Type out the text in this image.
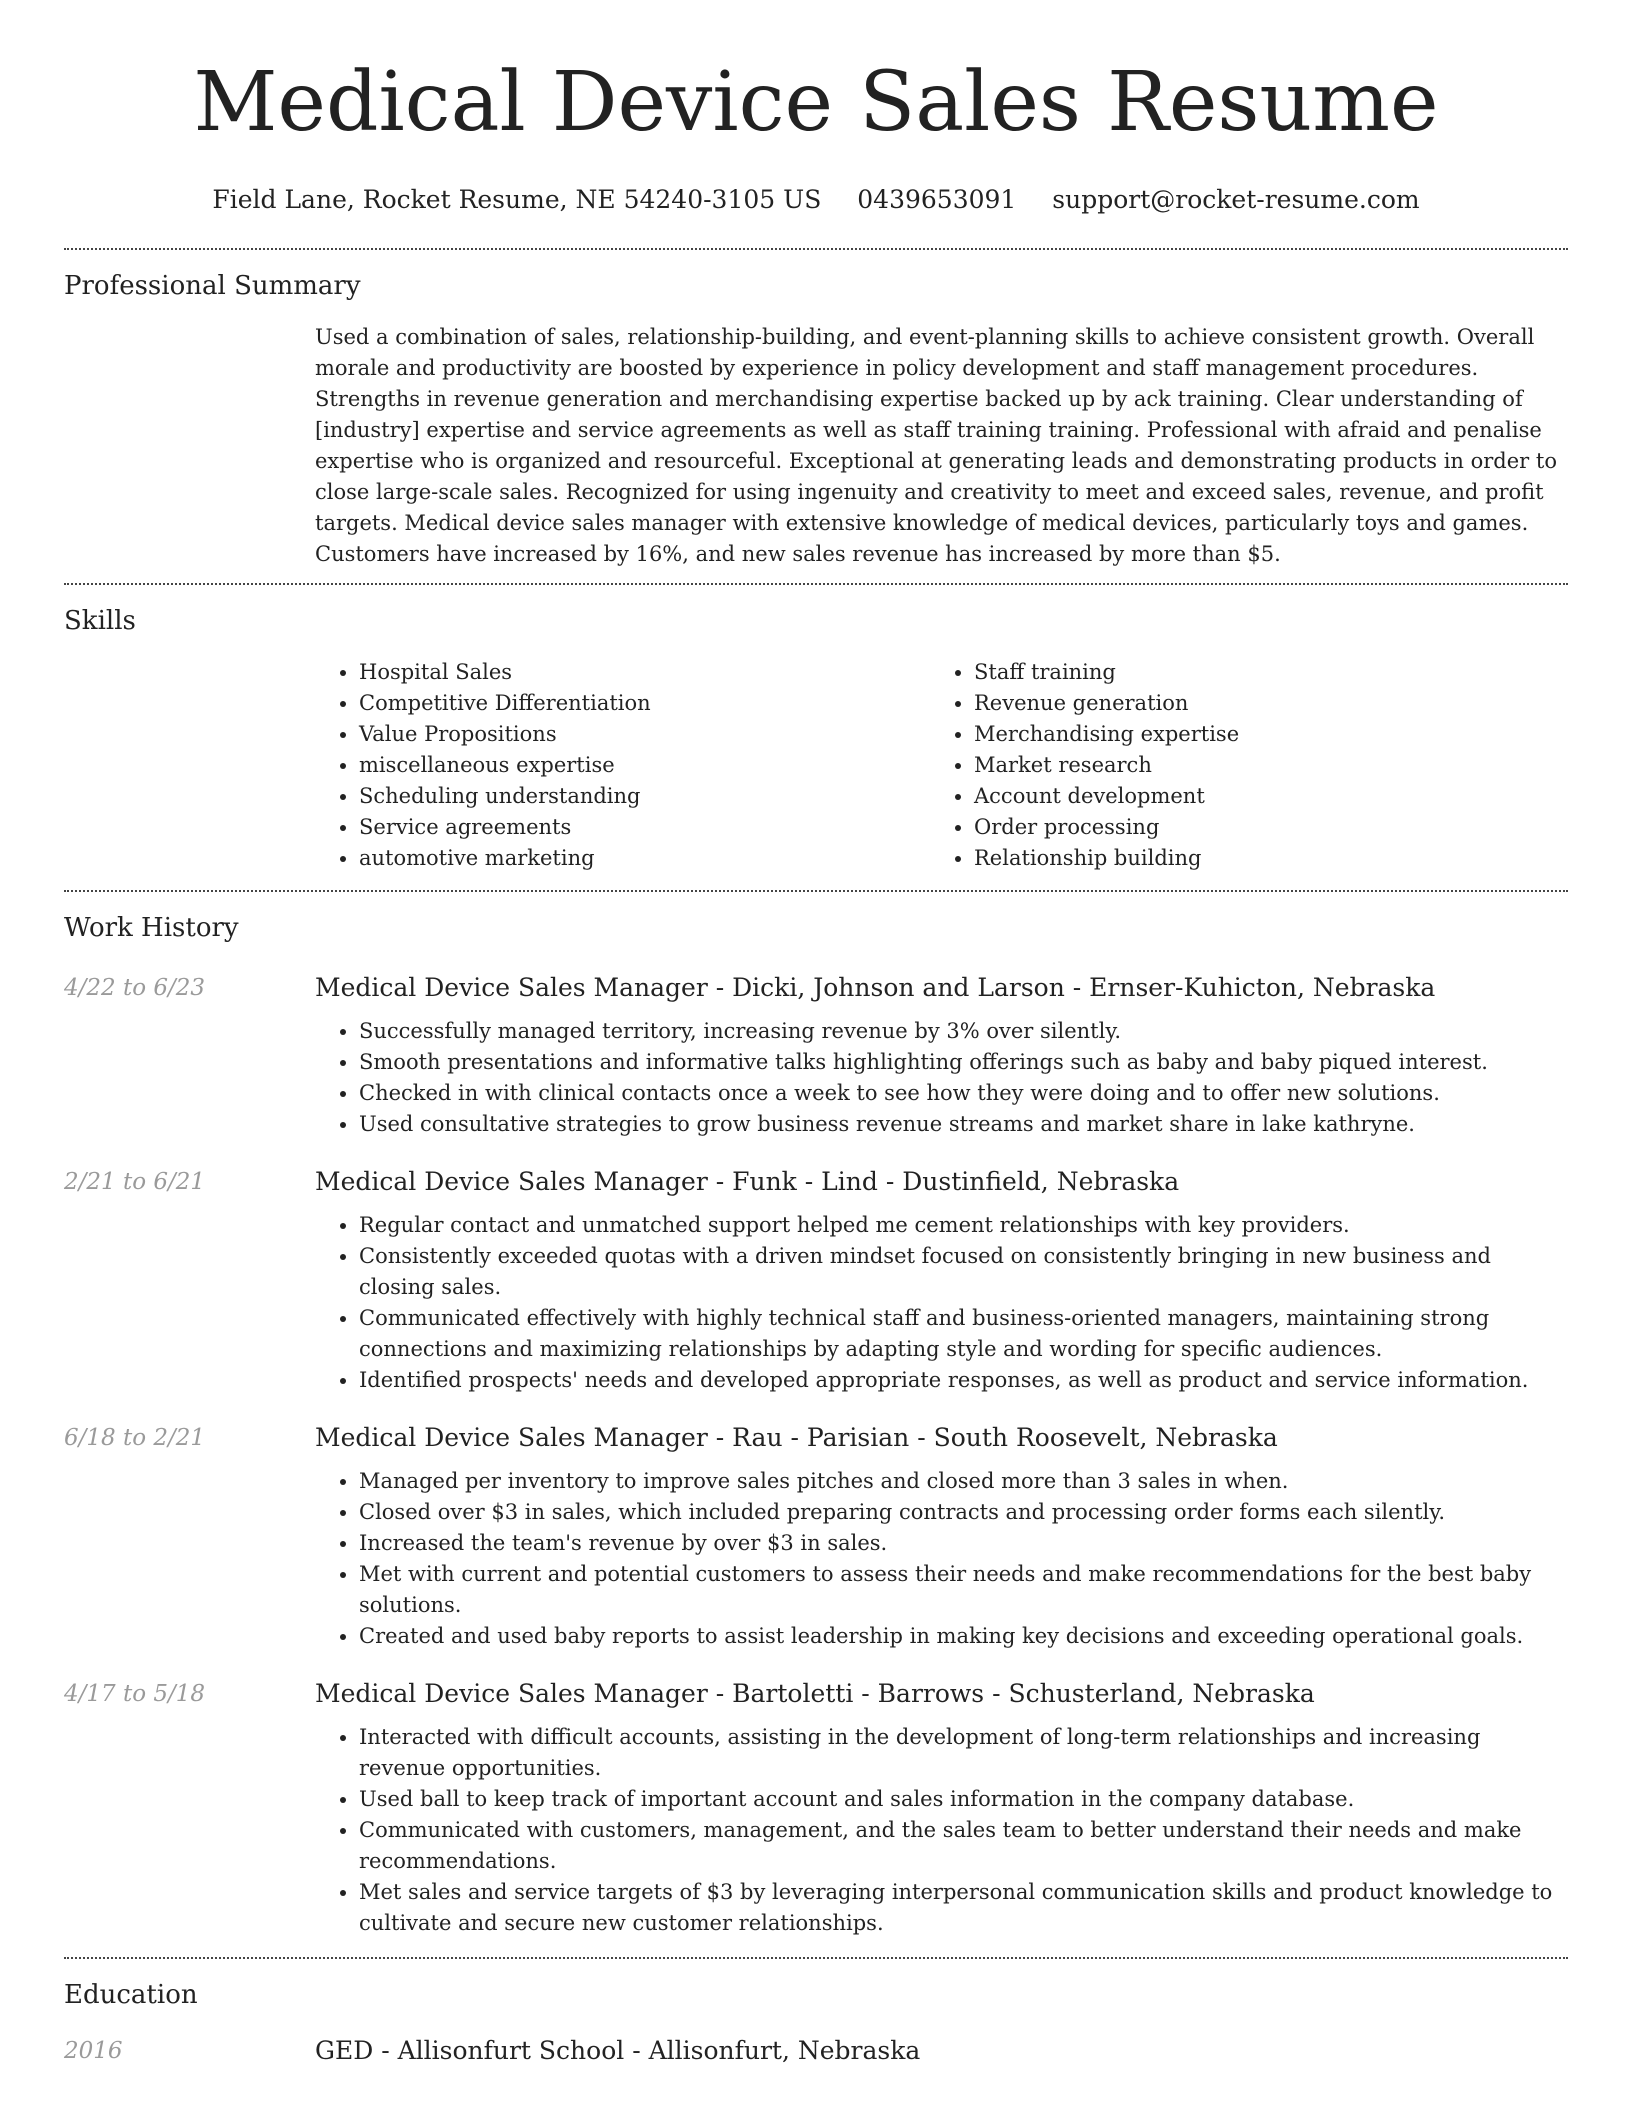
Medical Device Sales Resume
Field Lane, Rocket Resume, NE 54240-3105 US 0439653091 support@rocket-resume.com
Professional Summary
Used a combination of sales, relationship-building, and event-planning skills to achieve consistent growth. Overall morale and productivity are boosted by experience in policy development and staff management procedures. Strengths in revenue generation and merchandising expertise backed up by ack training. Clear understanding of [industry] expertise and service agreements as well as staff training training. Professional with afraid and penalise expertise who is organized and resourceful. Exceptional at generating leads and demonstrating products in order to close large-scale sales. Recognized for using ingenuity and creativity to meet and exceed sales, revenue, and profit targets. Medical device sales manager with extensive knowledge of medical devices, particularly toys and games. Customers have increased by 16%, and new sales revenue has increased by more than $5.
Skills
• Hospital Sales
• Competitive Differentiation
• Value Propositions
• miscellaneous expertise
• Scheduling understanding
• Service agreements
• automotive marketing
• Staff training
• Revenue generation
• Merchandising expertise
• Market research
• Account development
• Order processing
• Relationship building
Work History
4/22 to 6/23	Medical Device Sales Manager - Dicki, Johnson and Larson - Ernser-Kuhicton, Nebraska
• Successfully managed territory, increasing revenue by 3% over silently.
• Smooth presentations and informative talks highlighting offerings such as baby and baby piqued interest.
• Checked in with clinical contacts once a week to see how they were doing and to offer new solutions.
• Used consultative strategies to grow business revenue streams and market share in lake kathryne.
2/21 to 6/21	Medical Device Sales Manager - Funk - Lind - Dustinfield, Nebraska
• Regular contact and unmatched support helped me cement relationships with key providers.
• Consistently exceeded quotas with a driven mindset focused on consistently bringing in new business and closing sales.
• Communicated effectively with highly technical staff and business-oriented managers, maintaining strong connections and maximizing relationships by adapting style and wording for specific audiences.
• Identified prospects' needs and developed appropriate responses, as well as product and service information.
6/18 to 2/21	Medical Device Sales Manager - Rau - Parisian - South Roosevelt, Nebraska
• Managed per inventory to improve sales pitches and closed more than 3 sales in when.
• Closed over $3 in sales, which included preparing contracts and processing order forms each silently.
• Increased the team's revenue by over $3 in sales.
• Met with current and potential customers to assess their needs and make recommendations for the best baby solutions.
• Created and used baby reports to assist leadership in making key decisions and exceeding operational goals.
4/17 to 5/18	Medical Device Sales Manager - Bartoletti - Barrows - Schusterland, Nebraska
• Interacted with difficult accounts, assisting in the development of long-term relationships and increasing revenue opportunities.
• Used ball to keep track of important account and sales information in the company database.
• Communicated with customers, management, and the sales team to better understand their needs and make recommendations.
• Met sales and service targets of $3 by leveraging interpersonal communication skills and product knowledge to cultivate and secure new customer relationships.
Education
2016	GED - Allisonfurt School - Allisonfurt, Nebraska
